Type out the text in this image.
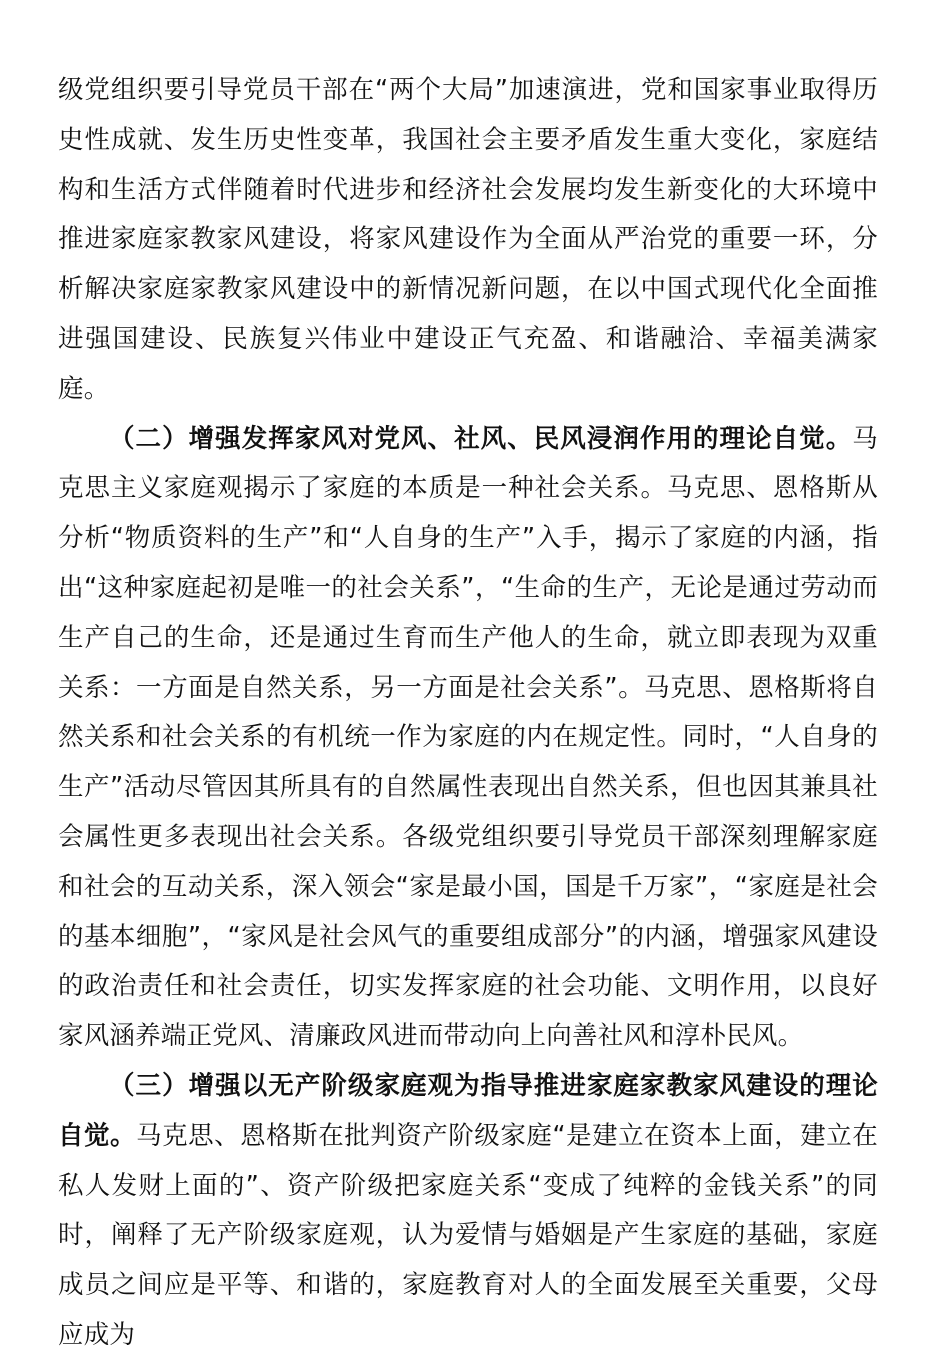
级党组织要引导党员干部在“两个大局”加速演进，党和国家事业取得历史性成就、发生历史性变革，我国社会主要矛盾发生重大变化，家庭结构和生活方式伴随着时代进步和经济社会发展均发生新变化的大环境中推进家庭家教家风建设，将家风建设作为全面从严治党的重要一环，分析解决家庭家教家风建设中的新情况新问题，在以中国式现代化全面推进强国建设、民族复兴伟业中建设正气充盈、和谐融洽、幸福美满家庭。

（二）增强发挥家风对党风、社风、民风浸润作用的理论自觉。马克思主义家庭观揭示了家庭的本质是一种社会关系。马克思、恩格斯从分析“物质资料的生产”和“人自身的生产”入手，揭示了家庭的内涵，指出“这种家庭起初是唯一的社会关系”，“生命的生产，无论是通过劳动而生产自己的生命，还是通过生育而生产他人的生命，就立即表现为双重关系：一方面是自然关系，另一方面是社会关系”。马克思、恩格斯将自然关系和社会关系的有机统一作为家庭的内在规定性。同时，“人自身的生产”活动尽管因其所具有的自然属性表现出自然关系，但也因其兼具社会属性更多表现出社会关系。各级党组织要引导党员干部深刻理解家庭和社会的互动关系，深入领会“家是最小国，国是千万家”，“家庭是社会的基本细胞”，“家风是社会风气的重要组成部分”的内涵，增强家风建设的政治责任和社会责任，切实发挥家庭的社会功能、文明作用，以良好家风涵养端正党风、清廉政风进而带动向上向善社风和淳朴民风。

（三）增强以无产阶级家庭观为指导推进家庭家教家风建设的理论自觉。马克思、恩格斯在批判资产阶级家庭“是建立在资本上面，建立在私人发财上面的”、资产阶级把家庭关系“变成了纯粹的金钱关系”的同时，阐释了无产阶级家庭观，认为爱情与婚姻是产生家庭的基础，家庭成员之间应是平等、和谐的，家庭教育对人的全面发展至关重要，父母应成为
